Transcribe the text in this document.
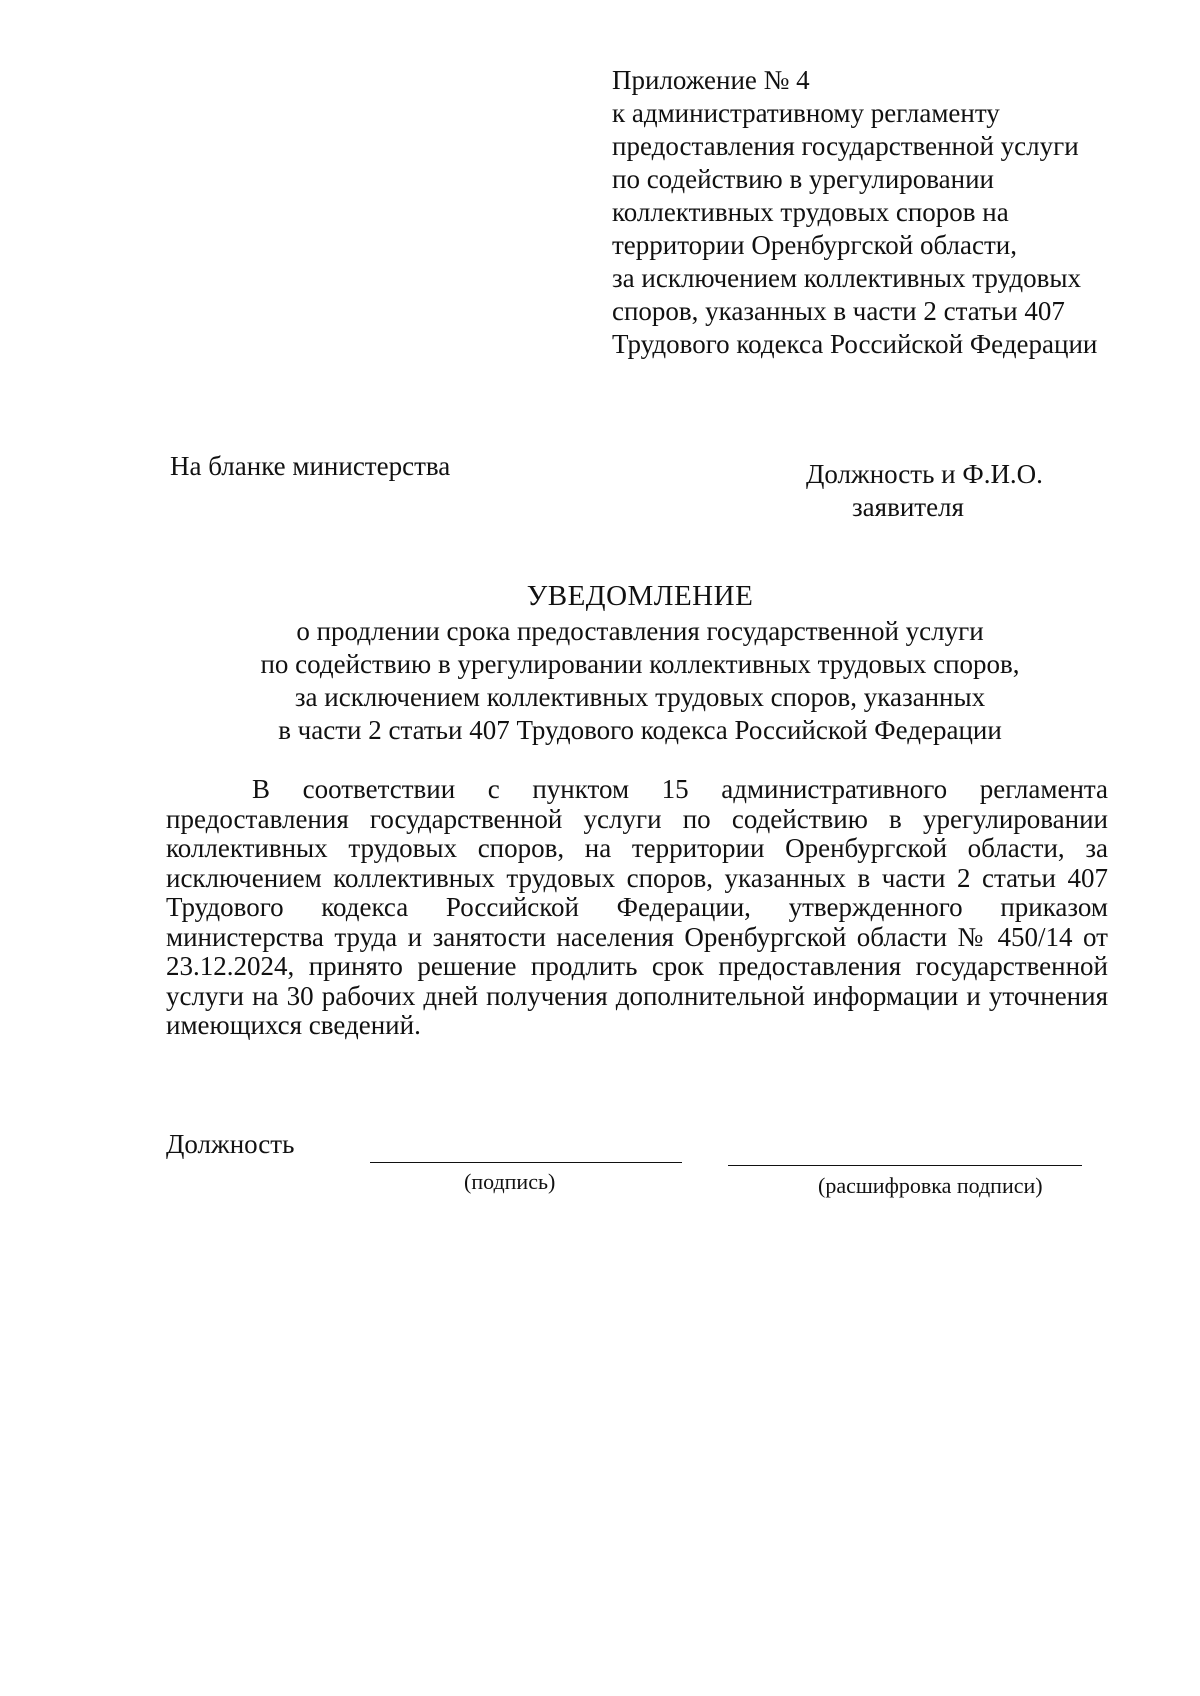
Приложение № 4
к административному регламенту
предоставления государственной услуги
по содействию в урегулировании
коллективных трудовых споров на
территории Оренбургской области,
за исключением коллективных трудовых
споров, указанных в части 2 статьи 407
Трудового кодекса Российской Федерации
На бланке министерства	Должность и Ф.И.О.
заявителя
УВЕДОМЛЕНИЕ
о продлении срока предоставления государственной услуги
по содействию в урегулировании коллективных трудовых споров,
за исключением коллективных трудовых споров, указанных
в части 2 статьи 407 Трудового кодекса Российской Федерации

В соответствии с пунктом 15 административного регламента предоставления государственной услуги по содействию в урегулировании коллективных трудовых споров, на территории Оренбургской области, за исключением коллективных трудовых споров, указанных в части 2 статьи 407 Трудового кодекса Российской Федерации, утвержденного приказом министерства труда и занятости населения Оренбургской области № 450/14 от 23.12.2024, принято решение продлить срок предоставления государственной услуги на 30 рабочих дней получения дополнительной информации и уточнения имеющихся сведений.

Должность
(подпись)	(расшифровка подписи)
